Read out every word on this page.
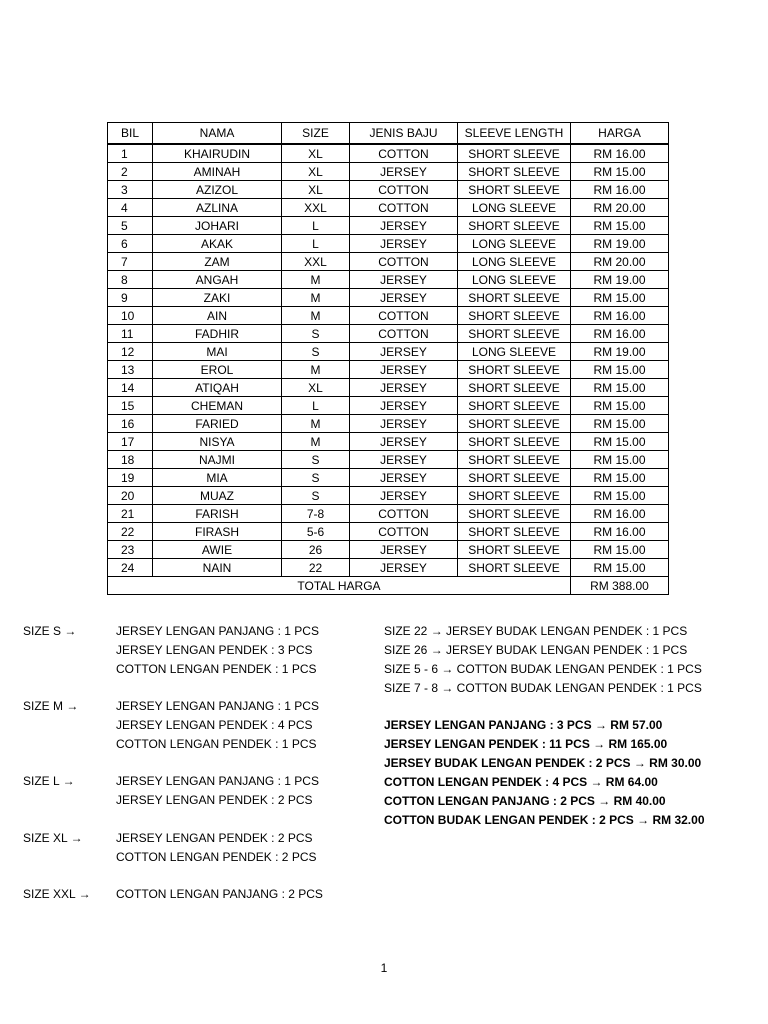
BIL	NAMA	SIZE	JENIS BAJU	SLEEVE LENGTH	HARGA
1	KHAIRUDIN	XL	COTTON	SHORT SLEEVE	RM 16.00
2	AMINAH	XL	JERSEY	SHORT SLEEVE	RM 15.00
3	AZIZOL	XL	COTTON	SHORT SLEEVE	RM 16.00
4	AZLINA	XXL	COTTON	LONG SLEEVE	RM 20.00
5	JOHARI	L	JERSEY	SHORT SLEEVE	RM 15.00
6	AKAK	L	JERSEY	LONG SLEEVE	RM 19.00
7	ZAM	XXL	COTTON	LONG SLEEVE	RM 20.00
8	ANGAH	M	JERSEY	LONG SLEEVE	RM 19.00
9	ZAKI	M	JERSEY	SHORT SLEEVE	RM 15.00
10	AIN	M	COTTON	SHORT SLEEVE	RM 16.00
11	FADHIR	S	COTTON	SHORT SLEEVE	RM 16.00
12	MAI	S	JERSEY	LONG SLEEVE	RM 19.00
13	EROL	M	JERSEY	SHORT SLEEVE	RM 15.00
14	ATIQAH	XL	JERSEY	SHORT SLEEVE	RM 15.00
15	CHEMAN	L	JERSEY	SHORT SLEEVE	RM 15.00
16	FARIED	M	JERSEY	SHORT SLEEVE	RM 15.00
17	NISYA	M	JERSEY	SHORT SLEEVE	RM 15.00
18	NAJMI	S	JERSEY	SHORT SLEEVE	RM 15.00
19	MIA	S	JERSEY	SHORT SLEEVE	RM 15.00
20	MUAZ	S	JERSEY	SHORT SLEEVE	RM 15.00
21	FARISH	7-8	COTTON	SHORT SLEEVE	RM 16.00
22	FIRASH	5-6	COTTON	SHORT SLEEVE	RM 16.00
23	AWIE	26	JERSEY	SHORT SLEEVE	RM 15.00
24	NAIN	22	JERSEY	SHORT SLEEVE	RM 15.00
TOTAL HARGA					RM 388.00
SIZE S →	JERSEY LENGAN PANJANG : 1 PCS
JERSEY LENGAN PENDEK : 3 PCS
COTTON LENGAN PENDEK : 1 PCS
SIZE M →	JERSEY LENGAN PANJANG : 1 PCS
JERSEY LENGAN PENDEK : 4 PCS
COTTON LENGAN PENDEK : 1 PCS
SIZE L →	JERSEY LENGAN PANJANG : 1 PCS
JERSEY LENGAN PENDEK : 2 PCS
SIZE XL →	JERSEY LENGAN PENDEK : 2 PCS
COTTON LENGAN PENDEK : 2 PCS
SIZE XXL → COTTON LENGAN PANJANG : 2 PCS
SIZE 22 → JERSEY BUDAK LENGAN PENDEK : 1 PCS
SIZE 26 → JERSEY BUDAK LENGAN PENDEK : 1 PCS
SIZE 5 - 6 → COTTON BUDAK LENGAN PENDEK : 1 PCS
SIZE 7 - 8 → COTTON BUDAK LENGAN PENDEK : 1 PCS
JERSEY LENGAN PANJANG : 3 PCS → RM 57.00
JERSEY LENGAN PENDEK : 11 PCS → RM 165.00
JERSEY BUDAK LENGAN PENDEK : 2 PCS → RM 30.00
COTTON LENGAN PENDEK : 4 PCS → RM 64.00
COTTON LENGAN PANJANG : 2 PCS → RM 40.00
COTTON BUDAK LENGAN PENDEK : 2 PCS → RM 32.00
1
